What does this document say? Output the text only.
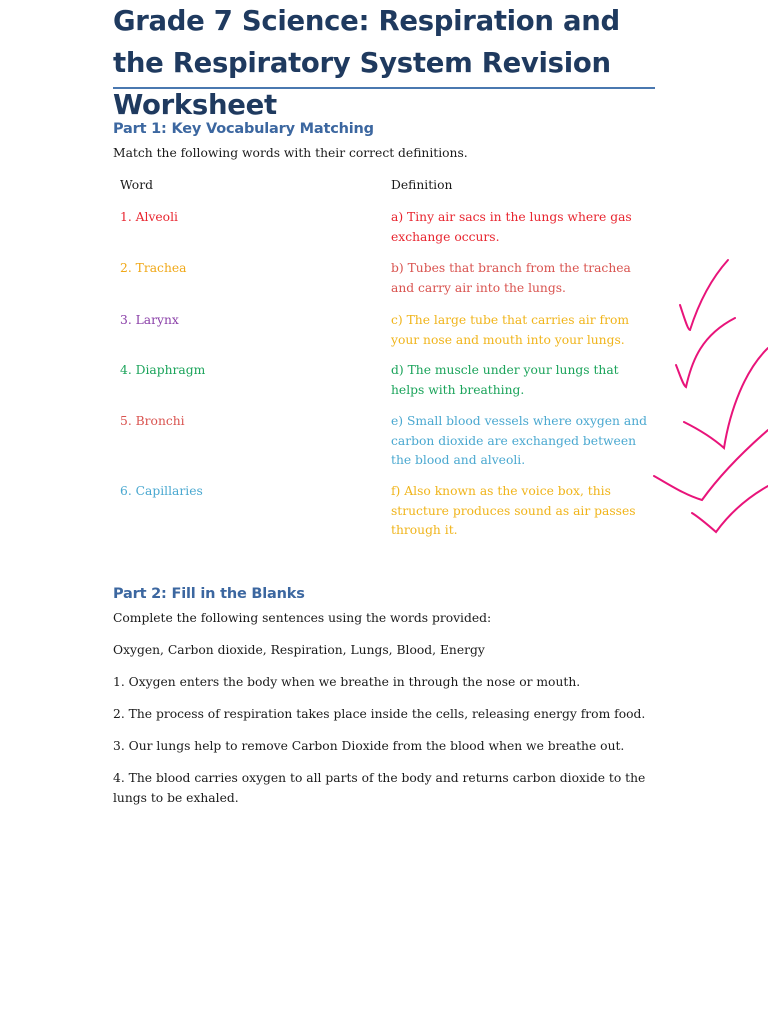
Grade 7 Science: Respiration and the Respiratory System Revision Worksheet
Part 1: Key Vocabulary Matching
Match the following words with their correct definitions.
Word	Definition
1. Alveoli	a) Tiny air sacs in the lungs where gas exchange occurs.
2. Trachea	b) Tubes that branch from the trachea and carry air into the lungs.
3. Larynx	c) The large tube that carries air from your nose and mouth into your lungs.
4. Diaphragm	d) The muscle under your lungs that helps with breathing.
5. Bronchi	e) Small blood vessels where oxygen and carbon dioxide are exchanged between the blood and alveoli.
6. Capillaries	f) Also known as the voice box, this structure produces sound as air passes through it.
Part 2: Fill in the Blanks
Complete the following sentences using the words provided:
Oxygen, Carbon dioxide, Respiration, Lungs, Blood, Energy
1. Oxygen enters the body when we breathe in through the nose or mouth.
2. The process of respiration takes place inside the cells, releasing energy from food.
3. Our lungs help to remove Carbon Dioxide from the blood when we breathe out.
4. The blood carries oxygen to all parts of the body and returns carbon dioxide to the lungs to be exhaled.
